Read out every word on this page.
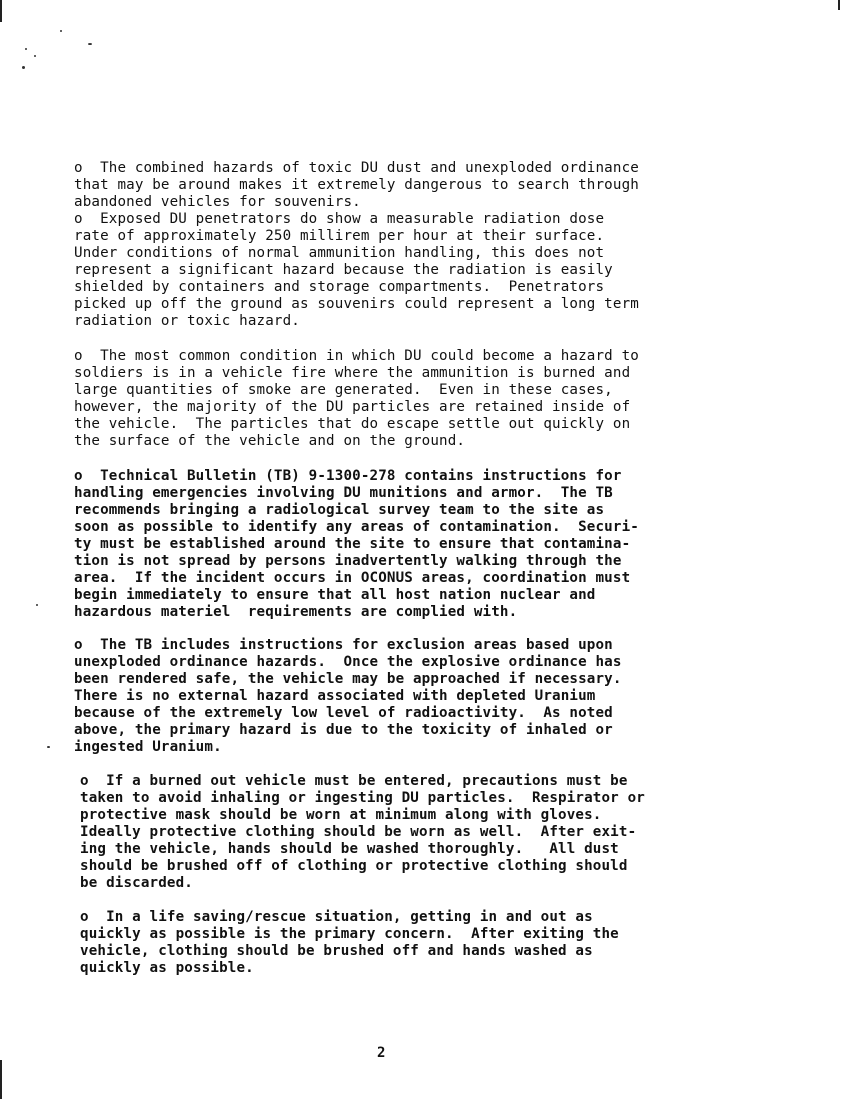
o  The combined hazards of toxic DU dust and unexploded ordinance
that may be around makes it extremely dangerous to search through
abandoned vehicles for souvenirs.

o  Exposed DU penetrators do show a measurable radiation dose
rate of approximately 250 millirem per hour at their surface.
Under conditions of normal ammunition handling, this does not
represent a significant hazard because the radiation is easily
shielded by containers and storage compartments.  Penetrators
picked up off the ground as souvenirs could represent a long term
radiation or toxic hazard.

o  The most common condition in which DU could become a hazard to
soldiers is in a vehicle fire where the ammunition is burned and
large quantities of smoke are generated.  Even in these cases,
however, the majority of the DU particles are retained inside of
the vehicle.  The particles that do escape settle out quickly on
the surface of the vehicle and on the ground.

o  Technical Bulletin (TB) 9-1300-278 contains instructions for
handling emergencies involving DU munitions and armor.  The TB
recommends bringing a radiological survey team to the site as
soon as possible to identify any areas of contamination.  Securi-
ty must be established around the site to ensure that contamina-
tion is not spread by persons inadvertently walking through the
area.  If the incident occurs in OCONUS areas, coordination must
begin immediately to ensure that all host nation nuclear and
hazardous materiel  requirements are complied with.

o  The TB includes instructions for exclusion areas based upon
unexploded ordinance hazards.  Once the explosive ordinance has
been rendered safe, the vehicle may be approached if necessary.
There is no external hazard associated with depleted Uranium
because of the extremely low level of radioactivity.  As noted
above, the primary hazard is due to the toxicity of inhaled or
ingested Uranium.

o  If a burned out vehicle must be entered, precautions must be
taken to avoid inhaling or ingesting DU particles.  Respirator or
protective mask should be worn at minimum along with gloves.
Ideally protective clothing should be worn as well.  After exit-
ing the vehicle, hands should be washed thoroughly.   All dust
should be brushed off of clothing or protective clothing should
be discarded.

o  In a life saving/rescue situation, getting in and out as
quickly as possible is the primary concern.  After exiting the
vehicle, clothing should be brushed off and hands washed as
quickly as possible.

2
